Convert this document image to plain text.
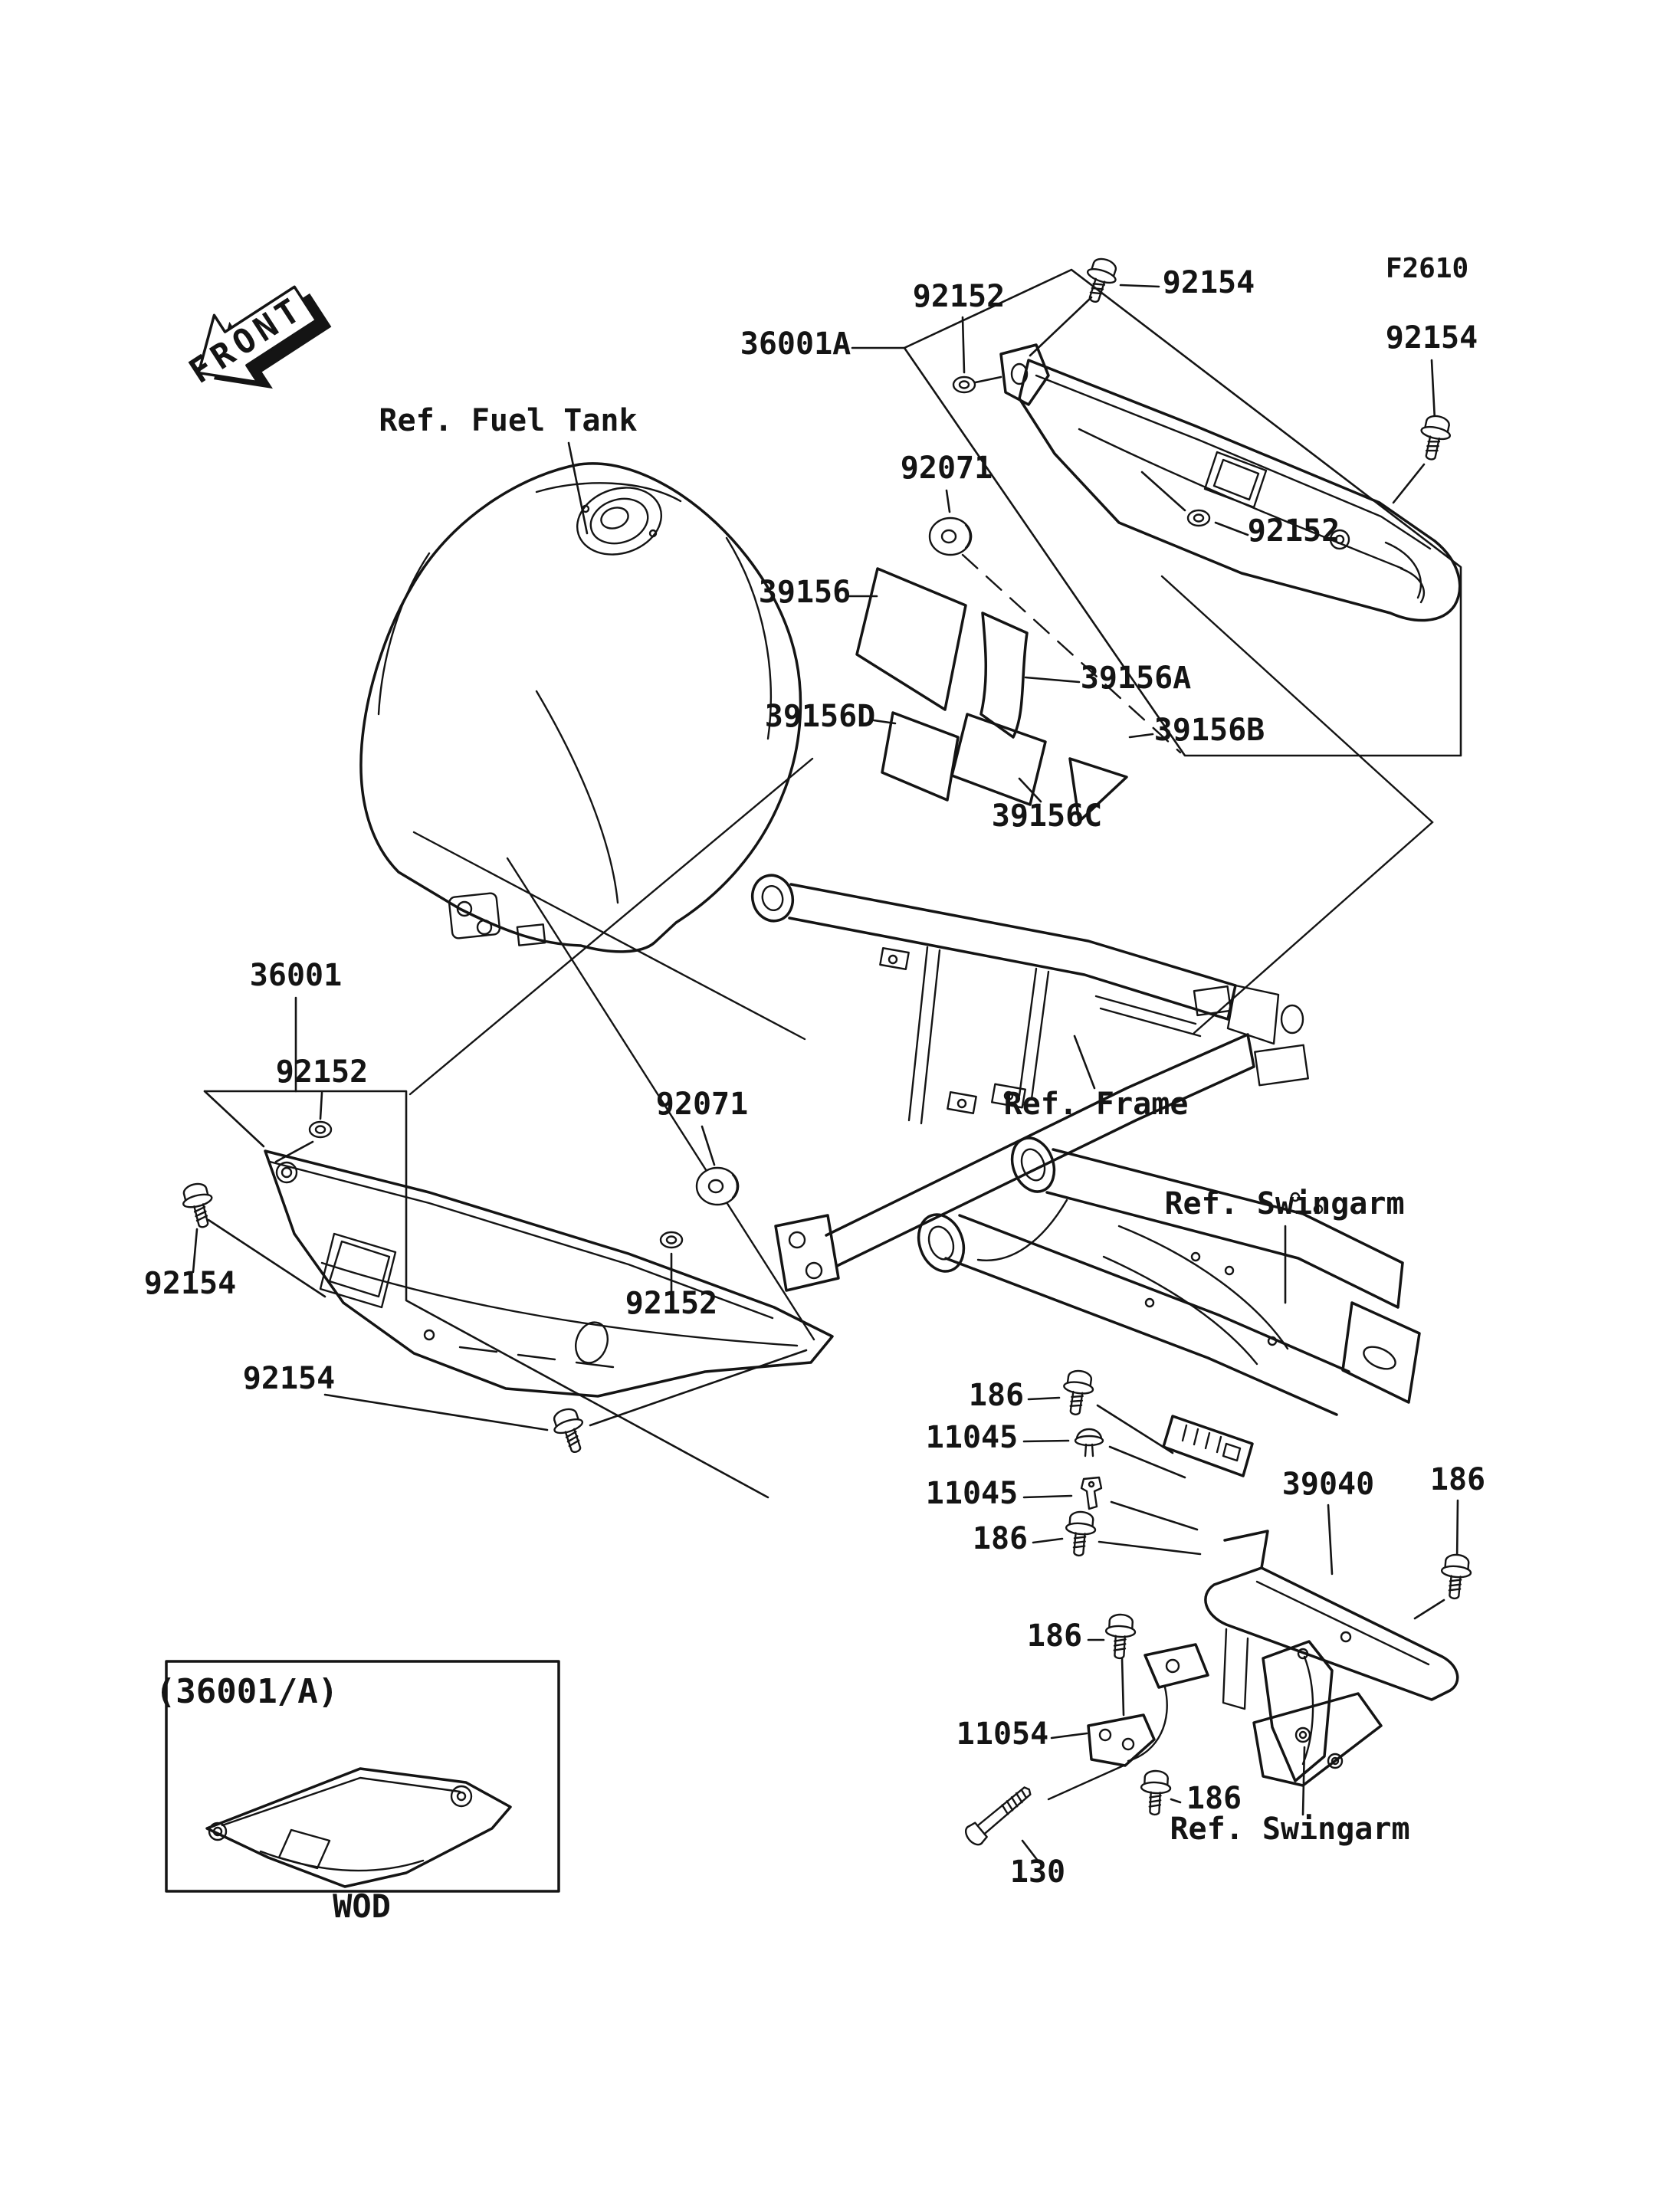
F2610
FRONT
Ref. Fuel Tank
92152	92154
36001A	92154
92071
92152
39156
39156A
39156D	39156B
39156C
36001
92152
92071	Ref. Frame
Ref. Swingarm
92154
92152
92154	186
11045
11045
186
39040 186
186
11054
186
Ref. Swingarm
130
(36001/A)
WOD
